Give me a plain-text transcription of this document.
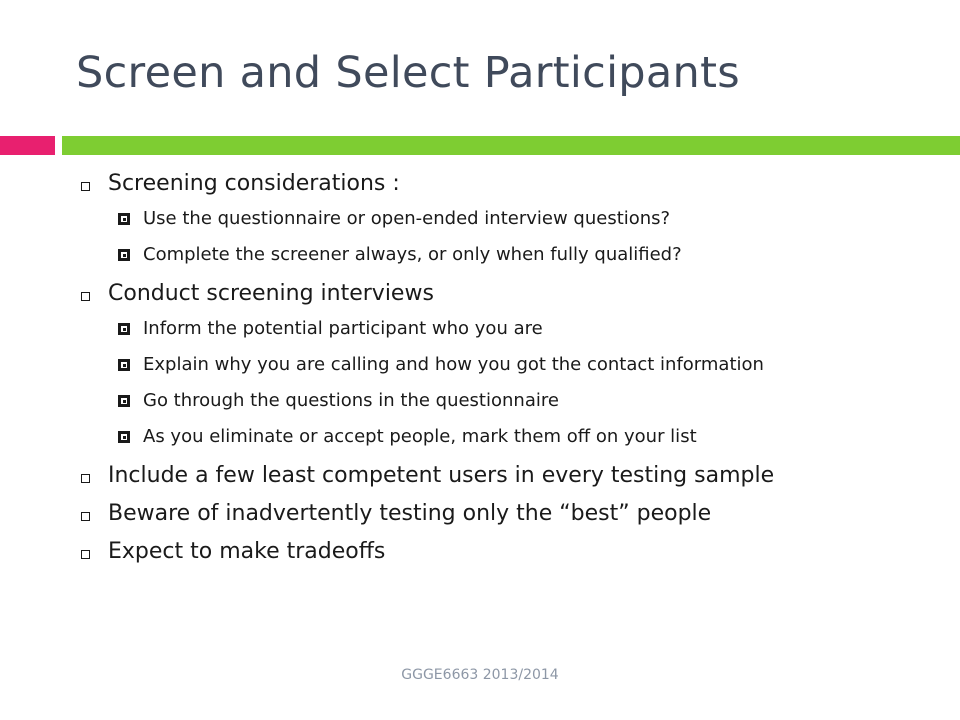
Screen and Select Participants
Screening considerations :
Use the questionnaire or open-ended interview questions?
Complete the screener always, or only when fully qualified?
Conduct screening interviews
Inform the potential participant who you are
Explain why you are calling and how you got the contact information
Go through the questions in the questionnaire
As you eliminate or accept people, mark them off on your list
Include a few least competent users in every testing sample
Beware of inadvertently testing only the “best” people
Expect to make tradeoffs
GGGE6663 2013/2014
